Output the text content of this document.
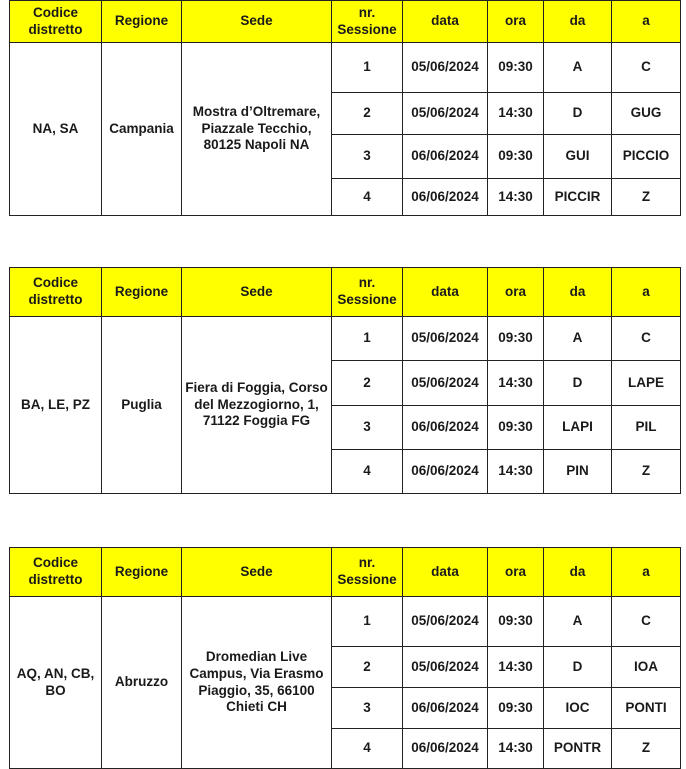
Codice distretto	Regione	Sede	nr. Sessione	data	ora	da	a
NA, SA	Campania	Mostra d’Oltremare, Piazzale Tecchio, 80125 Napoli NA	1	05/06/2024	09:30	A	C
			2	05/06/2024	14:30	D	GUG
			3	06/06/2024	09:30	GUI	PICCIO
			4	06/06/2024	14:30	PICCIR	Z
Codice distretto	Regione	Sede	nr. Sessione	data	ora	da	a
BA, LE, PZ	Puglia	Fiera di Foggia, Corso del Mezzogiorno, 1, 71122 Foggia FG	1	05/06/2024	09:30	A	C
			2	05/06/2024	14:30	D	LAPE
			3	06/06/2024	09:30	LAPI	PIL
			4	06/06/2024	14:30	PIN	Z
Codice distretto	Regione	Sede	nr. Sessione	data	ora	da	a
AQ, AN, CB, BO	Abruzzo	Dromedian Live Campus, Via Erasmo Piaggio, 35, 66100 Chieti CH	1	05/06/2024	09:30	A	C
			2	05/06/2024	14:30	D	IOA
			3	06/06/2024	09:30	IOC	PONTI
			4	06/06/2024	14:30	PONTR	Z
